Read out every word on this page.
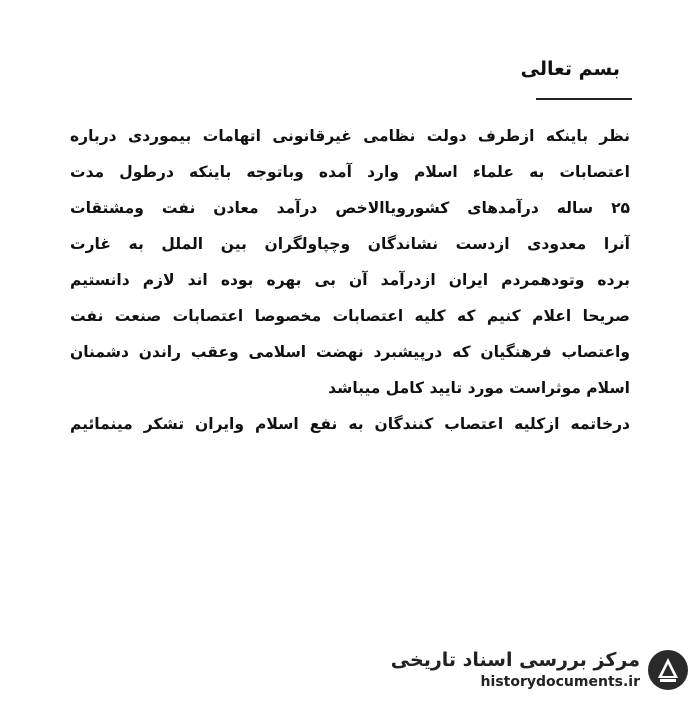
بسم تعالی
نظر باینکه ازطرف دولت نظامی غیرقانونی اتهامات بیموردی درباره
اعتصابات به علماء اسلام وارد آمده وباتوجه باینکه درطول مدت
۲۵ ساله درآمدهای کشورویاالاخص درآمد معادن نفت ومشتقات
آنرا معدودی ازدست نشاندگان وچپاولگران بین الملل به غارت
برده وتودهمردم ایران ازدرآمد آن بی بهره بوده اند لازم دانستیم
صریحا اعلام کنیم که کلیه اعتصابات مخصوصا اعتصابات صنعت نفت
واعتصاب فرهنگیان که درپیشبرد نهضت اسلامی وعقب راندن دشمنان
اسلام موثراست مورد تایید کامل میباشد
درخاتمه ازکلیه اعتصاب کنندگان به نفع اسلام وایران تشکر مینمائیم
مرکز بررسی اسناد تاریخی
historydocuments.ir
